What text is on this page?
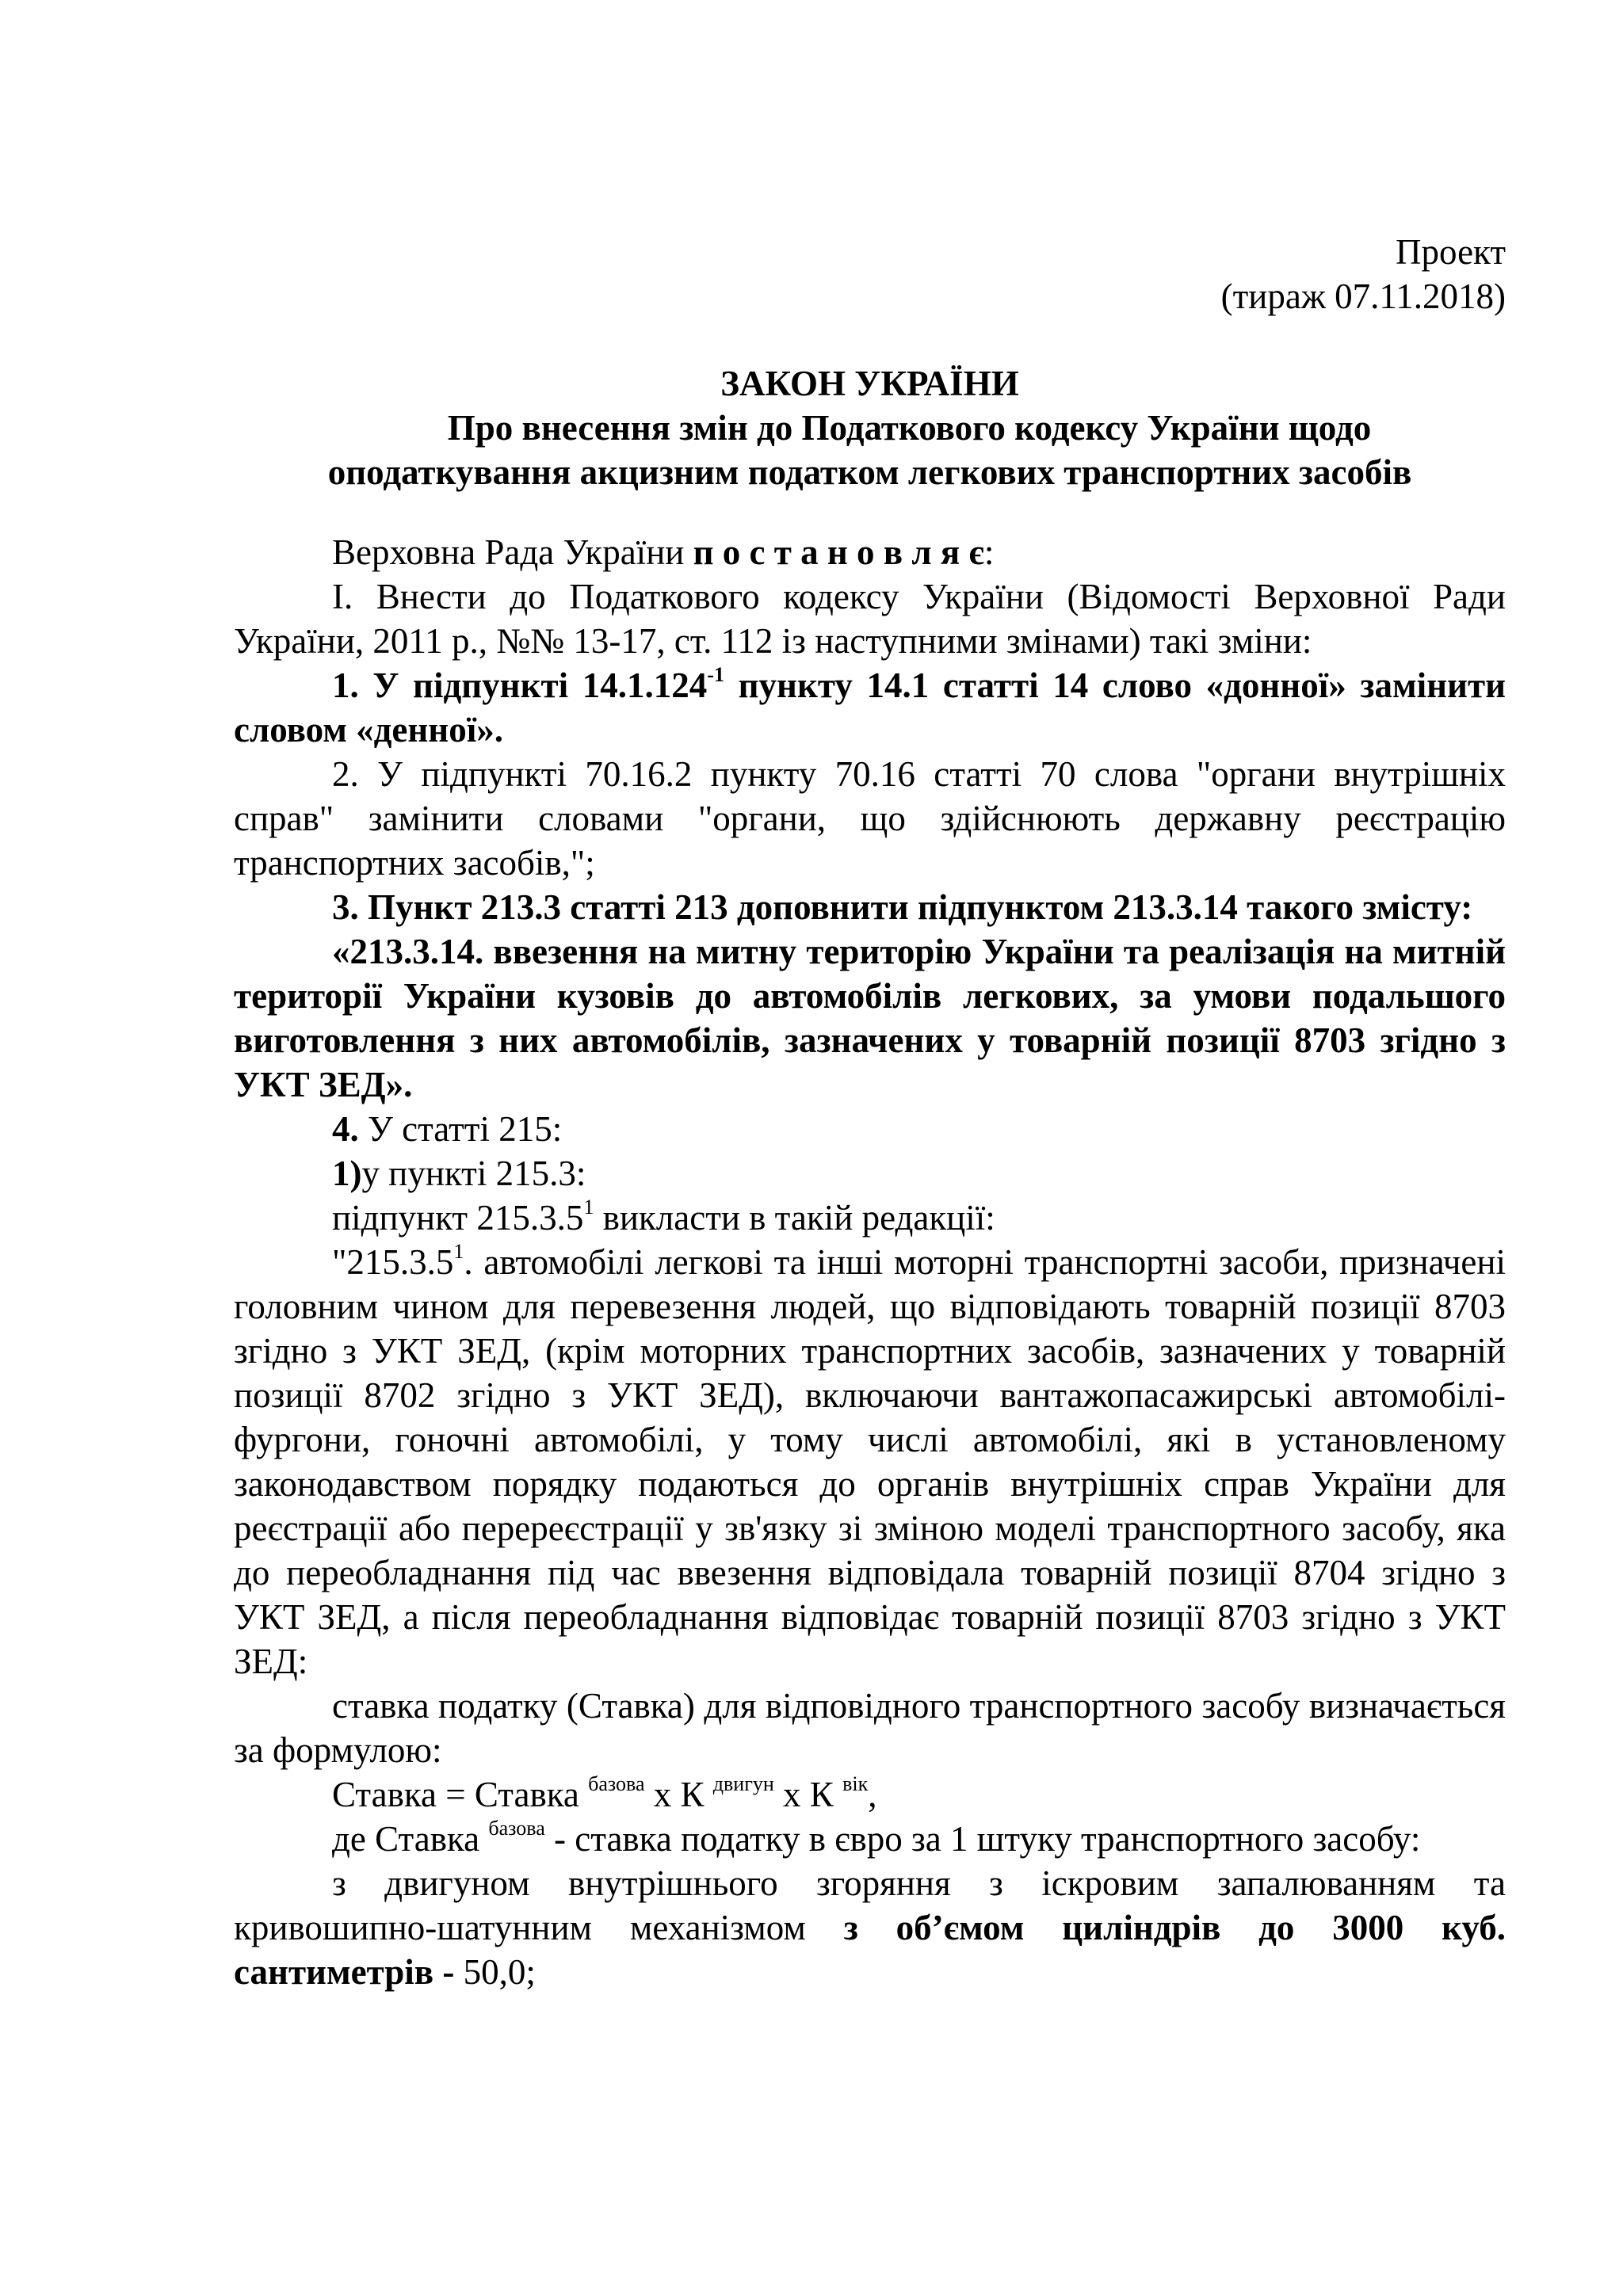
Проект

(тираж 07.11.2018)

ЗАКОН УКРАЇНИ

Про внесення змін до Податкового кодексу України щодо

оподаткування акцизним податком легкових транспортних засобів

Верховна Рада України п о с т а н о в л я є:

І. Внести до Податкового кодексу України (Відомості Верховної Ради України, 2011 р., №№ 13-17, ст. 112 із наступними змінами) такі зміни:

1. У підпункті $14.1.124^{-1}$ пункту 14.1 статті 14 слово «донної» замінити словом «денної».

2. У підпункті 70.16.2 пункту 70.16 статті 70 слова "органи внутрішніх справ" замінити словами "органи, що здійснюють державну реєстрацію транспортних засобів,";

3. Пункт 213.3 статті 213 доповнити підпунктом 213.3.14 такого змісту:

«213.3.14. ввезення на митну територію України та реалізація на митній території України кузовів до автомобілів легкових, за умови подальшого виготовлення з них автомобілів, зазначених у товарній позиції 8703 згідно з УКТ ЗЕД».

4. У статті 215:

1)у пункті 215.3:

підпункт 215.3.5$^1$ викласти в такій редакції:

"215.3.5$^1$. автомобілі легкові та інші моторні транспортні засоби, призначені головним чином для перевезення людей, що відповідають товарній позиції 8703 згідно з УКТ ЗЕД, (крім моторних транспортних засобів, зазначених у товарній позиції 8702 згідно з УКТ ЗЕД), включаючи вантажопасажирські автомобілі-фургони, гоночні автомобілі, у тому числі автомобілі, які в установленому законодавством порядку подаються до органів внутрішніх справ України для реєстрації або перереєстрації у зв'язку зі зміною моделі транспортного засобу, яка до переобладнання під час ввезення відповідала товарній позиції 8704 згідно з УКТ ЗЕД, а після переобладнання відповідає товарній позиції 8703 згідно з УКТ ЗЕД:

ставка податку (Ставка) для відповідного транспортного засобу визначається за формулою:

Ставка = Ставка $^{базова}$ х К $^{двигун}$ х К $^{вік}$,

де Ставка $^{базова}$ - ставка податку в євро за 1 штуку транспортного засобу:

з двигуном внутрішнього згоряння з іскровим запалюванням та кривошипно-шатунним механізмом з об’ємом циліндрів до 3000 куб. сантиметрів - 50,0;
